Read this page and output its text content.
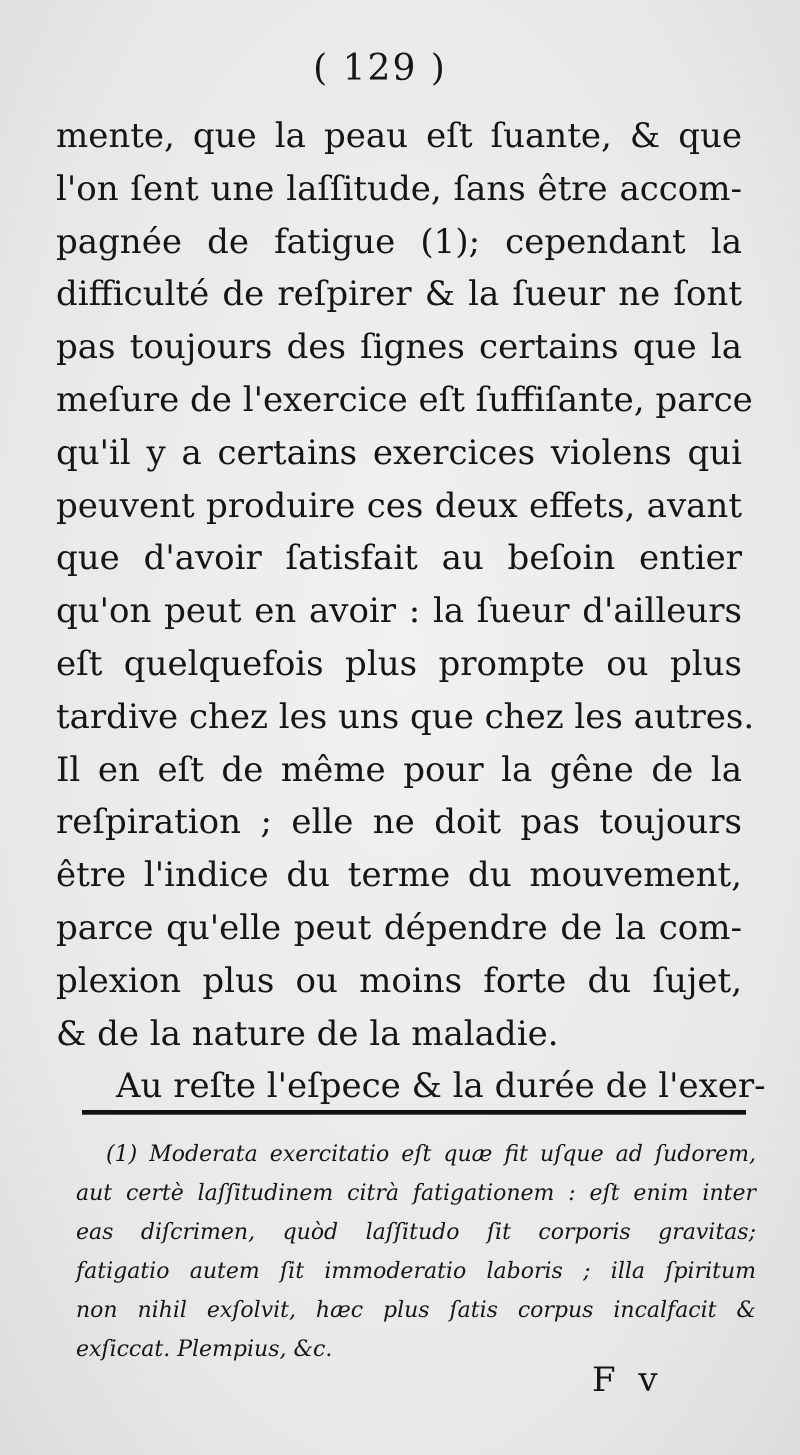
( 129 )
mente, que la peau eſt ſuante, & que
l'on ſent une laſſitude, ſans être accom-
pagnée de fatigue (1); cependant la
difficulté de reſpirer & la ſueur ne ſont
pas toujours des ſignes certains que la
meſure de l'exercice eſt ſuffiſante, parce
qu'il y a certains exercices violens qui
peuvent produire ces deux effets, avant
que d'avoir ſatisfait au beſoin entier
qu'on peut en avoir : la ſueur d'ailleurs
eſt quelquefois plus prompte ou plus
tardive chez les uns que chez les autres.
Il en eſt de même pour la gêne de la
reſpiration ; elle ne doit pas toujours
être l'indice du terme du mouvement,
parce qu'elle peut dépendre de la com-
plexion plus ou moins forte du ſujet,
& de la nature de la maladie.
Au reſte l'eſpece & la durée de l'exer-
(1) Moderata exercitatio eſt quæ fit uſque ad ſudorem,
aut certè laſſitudinem citrà fatigationem : eſt enim inter
eas diſcrimen, quòd laſſitudo ſit corporis gravitas;
fatigatio autem ſit immoderatio laboris ; illa ſpiritum
non nihil exſolvit, hæc plus ſatis corpus incalfacit &
exſiccat. Plempius, &c.
F v
